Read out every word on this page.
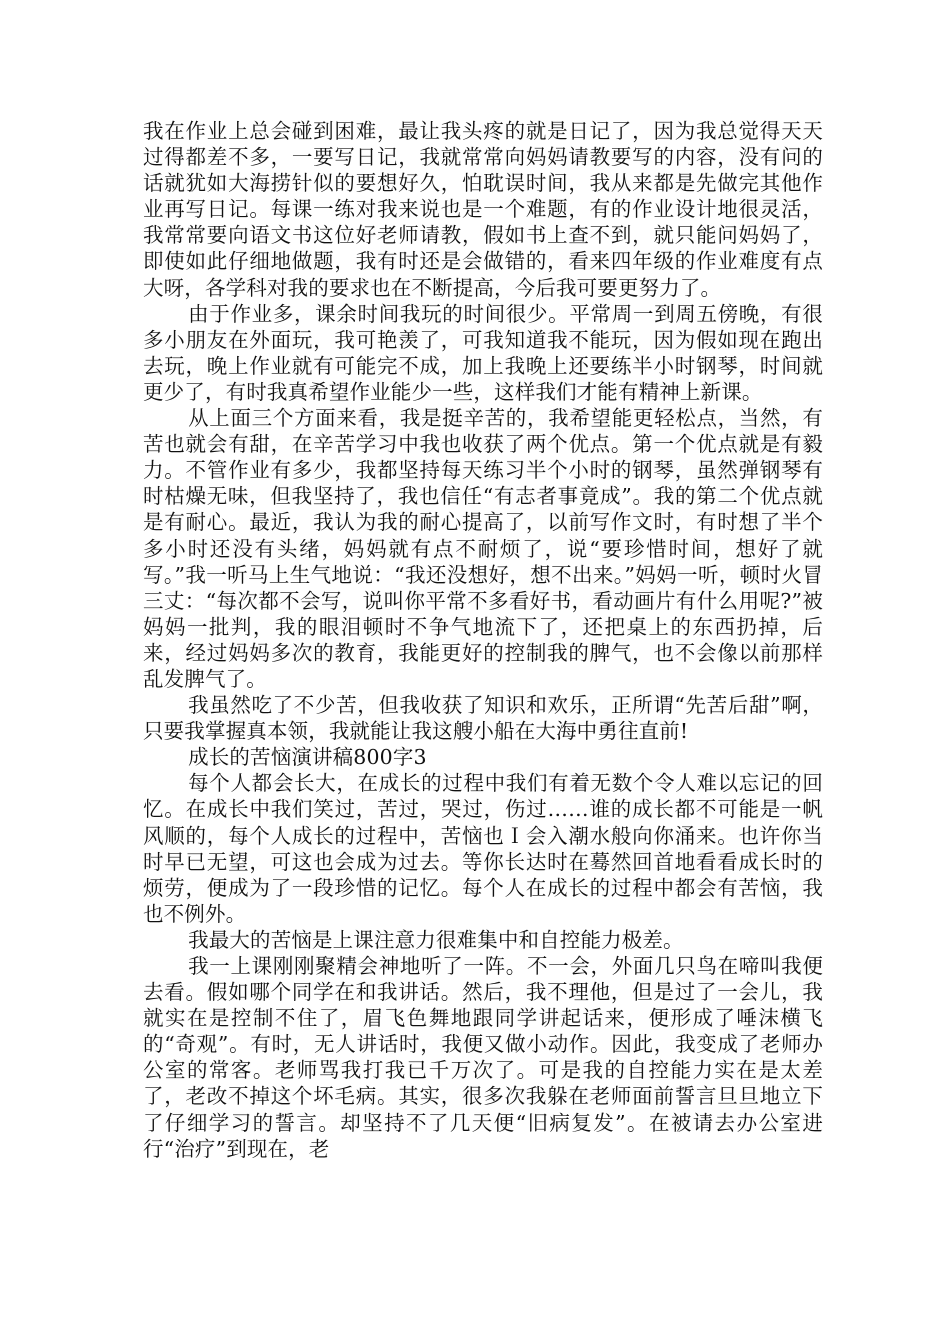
我在作业上总会碰到困难，最让我头疼的就是日记了，因为我总觉得天天过得都差不多，一要写日记，我就常常向妈妈请教要写的内容，没有问的话就犹如大海捞针似的要想好久，怕耽误时间，我从来都是先做完其他作业再写日记。每课一练对我来说也是一个难题，有的作业设计地很灵活，我常常要向语文书这位好老师请教，假如书上查不到，就只能问妈妈了，即使如此仔细地做题，我有时还是会做错的，看来四年级的作业难度有点大呀，各学科对我的要求也在不断提高，今后我可要更努力了。

由于作业多，课余时间我玩的时间很少。平常周一到周五傍晚，有很多小朋友在外面玩，我可艳羡了，可我知道我不能玩，因为假如现在跑出去玩，晚上作业就有可能完不成，加上我晚上还要练半小时钢琴，时间就更少了，有时我真希望作业能少一些，这样我们才能有精神上新课。

从上面三个方面来看，我是挺辛苦的，我希望能更轻松点，当然，有苦也就会有甜，在辛苦学习中我也收获了两个优点。第一个优点就是有毅力。不管作业有多少，我都坚持每天练习半个小时的钢琴，虽然弹钢琴有时枯燥无味，但我坚持了，我也信任“有志者事竟成”。我的第二个优点就是有耐心。最近，我认为我的耐心提高了，以前写作文时，有时想了半个多小时还没有头绪，妈妈就有点不耐烦了，说“要珍惜时间，想好了就写。”我一听马上生气地说：“我还没想好，想不出来。”妈妈一听，顿时火冒三丈：“每次都不会写，说叫你平常不多看好书，看动画片有什么用呢?”被妈妈一批判，我的眼泪顿时不争气地流下了，还把桌上的东西扔掉，后来，经过妈妈多次的教育，我能更好的控制我的脾气，也不会像以前那样乱发脾气了。

我虽然吃了不少苦，但我收获了知识和欢乐，正所谓“先苦后甜”啊，只要我掌握真本领，我就能让我这艘小船在大海中勇往直前!

成长的苦恼演讲稿800字3

每个人都会长大，在成长的过程中我们有着无数个令人难以忘记的回忆。在成长中我们笑过，苦过，哭过，伤过……谁的成长都不可能是一帆风顺的，每个人成长的过程中，苦恼也Ｉ会入潮水般向你涌来。也许你当时早已无望，可这也会成为过去。等你长达时在蓦然回首地看看成长时的烦劳，便成为了一段珍惜的记忆。每个人在成长的过程中都会有苦恼，我也不例外。

我最大的苦恼是上课注意力很难集中和自控能力极差。

我一上课刚刚聚精会神地听了一阵。不一会，外面几只鸟在啼叫我便去看。假如哪个同学在和我讲话。然后，我不理他，但是过了一会儿，我就实在是控制不住了，眉飞色舞地跟同学讲起话来，便形成了唾沫横飞的“奇观”。有时，无人讲话时，我便又做小动作。因此，我变成了老师办公室的常客。老师骂我打我已千万次了。可是我的自控能力实在是太差了，老改不掉这个坏毛病。其实，很多次我躲在老师面前誓言旦旦地立下了仔细学习的誓言。却坚持不了几天便“旧病复发”。在被请去办公室进行“治疗”到现在，老
